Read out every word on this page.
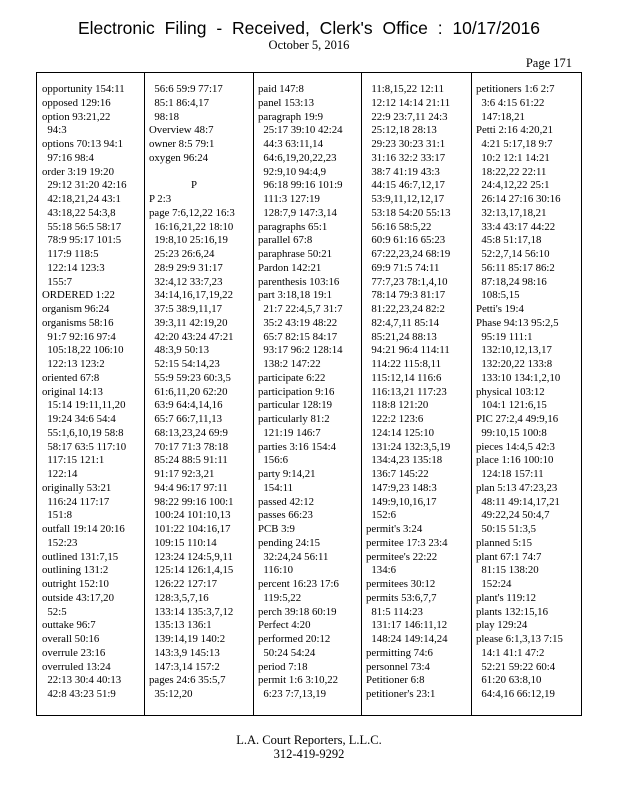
Electronic Filing - Received, Clerk's Office : 10/17/2016
October 5, 2016
Page 171
opportunity 154:11
opposed 129:16
option 93:21,22
94:3
options 70:13 94:1
97:16 98:4
order 3:19 19:20
29:12 31:20 42:16
42:18,21,24 43:1
43:18,22 54:3,8
55:18 56:5 58:17
78:9 95:17 101:5
117:9 118:5
122:14 123:3
155:7
ORDERED 1:22
organism 96:24
organisms 58:16
91:7 92:16 97:4
105:18,22 106:10
122:13 123:2
oriented 67:8
original 14:13
15:14 19:11,11,20
19:24 34:6 54:4
55:1,6,10,19 58:8
58:17 63:5 117:10
117:15 121:1
122:14
originally 53:21
116:24 117:17
151:8
outfall 19:14 20:16
152:23
outlined 131:7,15
outlining 131:2
outright 152:10
outside 43:17,20
52:5
outtake 96:7
overall 50:16
overrule 23:16
overruled 13:24
22:13 30:4 40:13
42:8 43:23 51:9
56:6 59:9 77:17
85:1 86:4,17
98:18
Overview 48:7
owner 8:5 79:1
oxygen 96:24
P
P 2:3
page 7:6,12,22 16:3
16:16,21,22 18:10
19:8,10 25:16,19
25:23 26:6,24
28:9 29:9 31:17
32:4,12 33:7,23
34:14,16,17,19,22
37:5 38:9,11,17
39:3,11 42:19,20
42:20 43:24 47:21
48:3,9 50:13
52:15 54:14,23
55:9 59:23 60:3,5
61:6,11,20 62:20
63:9 64:4,14,16
65:7 66:7,11,13
68:13,23,24 69:9
70:17 71:3 78:18
85:24 88:5 91:11
91:17 92:3,21
94:4 96:17 97:11
98:22 99:16 100:1
100:24 101:10,13
101:22 104:16,17
109:15 110:14
123:24 124:5,9,11
125:14 126:1,4,15
126:22 127:17
128:3,5,7,16
133:14 135:3,7,12
135:13 136:1
139:14,19 140:2
143:3,9 145:13
147:3,14 157:2
pages 24:6 35:5,7
35:12,20
paid 147:8
panel 153:13
paragraph 19:9
25:17 39:10 42:24
44:3 63:11,14
64:6,19,20,22,23
92:9,10 94:4,9
96:18 99:16 101:9
111:3 127:19
128:7,9 147:3,14
paragraphs 65:1
parallel 67:8
paraphrase 50:21
Pardon 142:21
parenthesis 103:16
part 3:18,18 19:1
21:7 22:4,5,7 31:7
35:2 43:19 48:22
65:7 82:15 84:17
93:17 96:2 128:14
138:2 147:22
participate 6:22
participation 9:16
particular 128:19
particularly 81:2
121:19 146:7
parties 3:16 154:4
156:6
party 9:14,21
154:11
passed 42:12
passes 66:23
PCB 3:9
pending 24:15
32:24,24 56:11
116:10
percent 16:23 17:6
119:5,22
perch 39:18 60:19
Perfect 4:20
performed 20:12
50:24 54:24
period 7:18
permit 1:6 3:10,22
6:23 7:7,13,19
11:8,15,22 12:11
12:12 14:14 21:11
22:9 23:7,11 24:3
25:12,18 28:13
29:23 30:23 31:1
31:16 32:2 33:17
38:7 41:19 43:3
44:15 46:7,12,17
53:9,11,12,12,17
53:18 54:20 55:13
56:16 58:5,22
60:9 61:16 65:23
67:22,23,24 68:19
69:9 71:5 74:11
77:7,23 78:1,4,10
78:14 79:3 81:17
81:22,23,24 82:2
82:4,7,11 85:14
85:21,24 88:13
94:21 96:4 114:11
114:22 115:8,11
115:12,14 116:6
116:13,21 117:23
118:8 121:20
122:2 123:6
124:14 125:10
131:24 132:3,5,19
134:4,23 135:18
136:7 145:22
147:9,23 148:3
149:9,10,16,17
152:6
permit's 3:24
permitee 17:3 23:4
permitee's 22:22
134:6
permitees 30:12
permits 53:6,7,7
81:5 114:23
131:17 146:11,12
148:24 149:14,24
permitting 74:6
personnel 73:4
Petitioner 6:8
petitioner's 23:1
petitioners 1:6 2:7
3:6 4:15 61:22
147:18,21
Petti 2:16 4:20,21
4:21 5:17,18 9:7
10:2 12:1 14:21
18:22,22 22:11
24:4,12,22 25:1
26:14 27:16 30:16
32:13,17,18,21
33:4 43:17 44:22
45:8 51:17,18
52:2,7,14 56:10
56:11 85:17 86:2
87:18,24 98:16
108:5,15
Petti's 19:4
Phase 94:13 95:2,5
95:19 111:1
132:10,12,13,17
132:20,22 133:8
133:10 134:1,2,10
physical 103:12
104:1 121:6,15
PIC 27:2,4 49:9,16
99:10,15 100:8
pieces 14:4,5 42:3
place 1:16 100:10
124:18 157:11
plan 5:13 47:23,23
48:11 49:14,17,21
49:22,24 50:4,7
50:15 51:3,5
planned 5:15
plant 67:1 74:7
81:15 138:20
152:24
plant's 119:12
plants 132:15,16
play 129:24
please 6:1,3,13 7:15
14:1 41:1 47:2
52:21 59:22 60:4
61:20 63:8,10
64:4,16 66:12,19
L.A. Court Reporters, L.L.C.
312-419-9292
